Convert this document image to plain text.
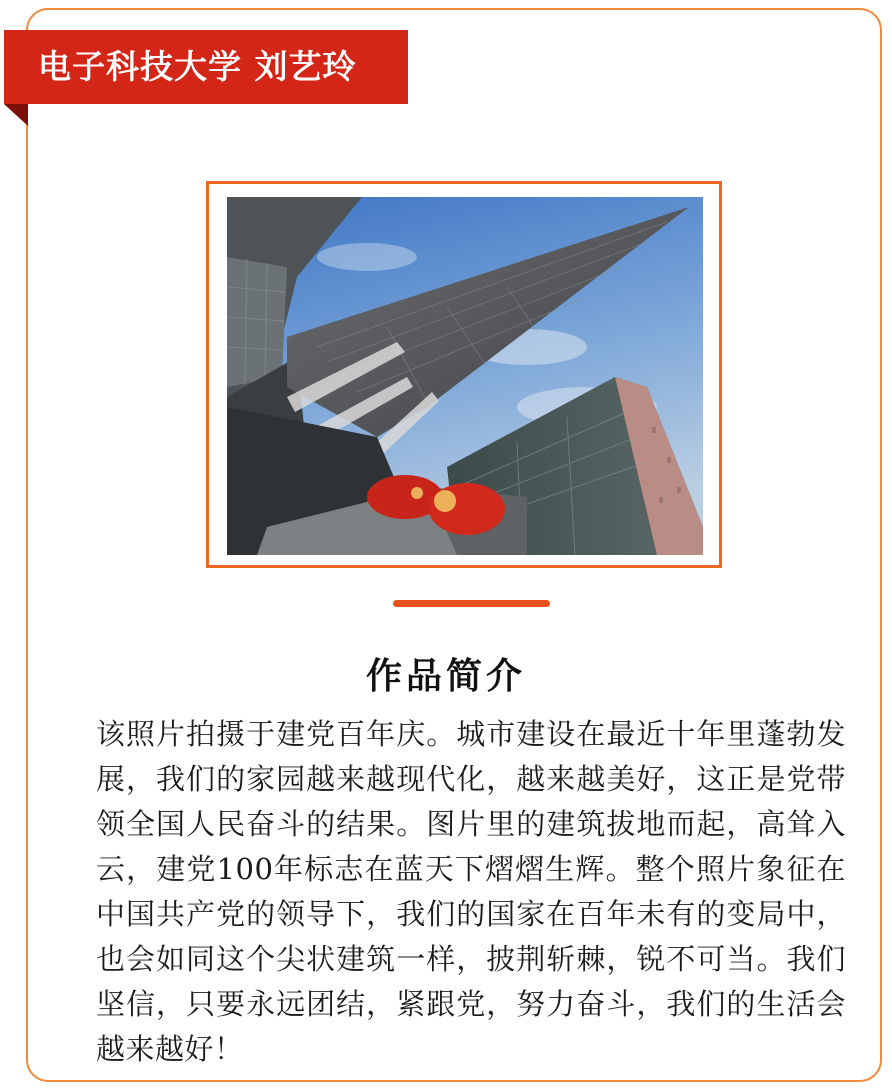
电子科技大学 刘艺玲
作品简介

该照片拍摄于建党百年庆。城市建设在最近十年里蓬勃发展，我们的家园越来越现代化，越来越美好，这正是党带领全国人民奋斗的结果。图片里的建筑拔地而起，高耸入云，建党100年标志在蓝天下熠熠生辉。整个照片象征在中国共产党的领导下，我们的国家在百年未有的变局中，也会如同这个尖状建筑一样，披荆斩棘，锐不可当。我们坚信，只要永远团结，紧跟党，努力奋斗，我们的生活会越来越好！
